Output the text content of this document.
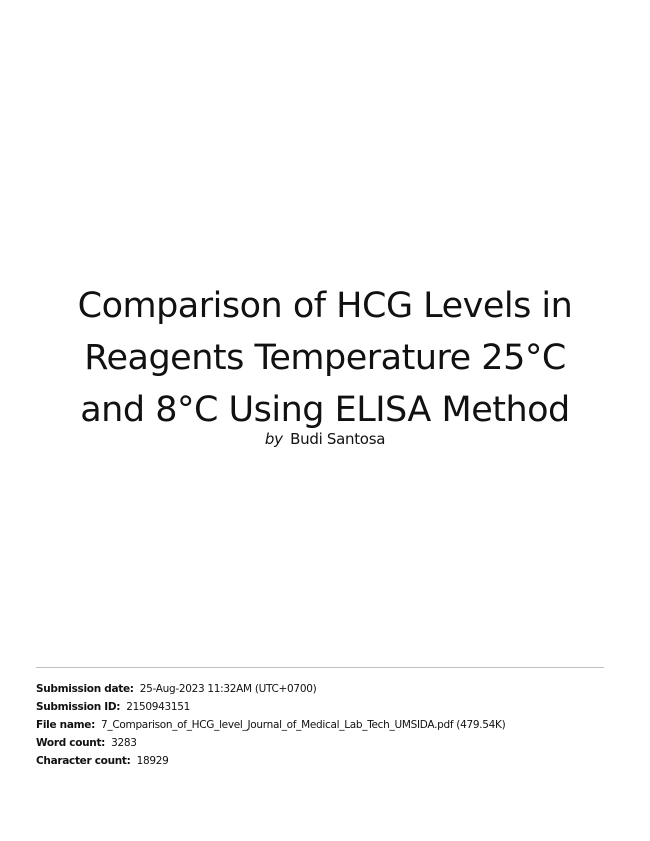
Comparison of HCG Levels in
Reagents Temperature 25°C
and 8°C Using ELISA Method
by Budi Santosa
Submission date: 25-Aug-2023 11:32AM (UTC+0700)
Submission ID: 2150943151
File name: 7_Comparison_of_HCG_level_Journal_of_Medical_Lab_Tech_UMSIDA.pdf (479.54K)
Word count: 3283
Character count: 18929
